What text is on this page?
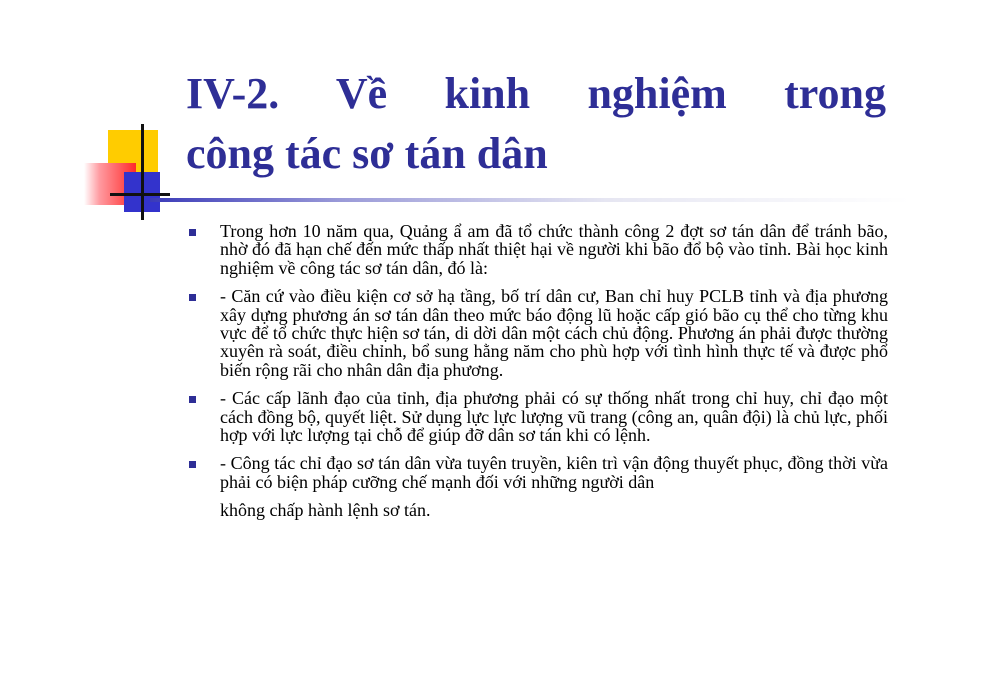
IV-2. Về kinh nghiệm trong
công tác sơ tán dân
Trong hơn 10 năm qua, Quảng ẩ am đã tổ chức thành công 2 đợt sơ tán dân để tránh bão, nhờ đó đã hạn chế đến mức thấp nhất thiệt hại về người khi bão đổ bộ vào tỉnh. Bài học kinh nghiệm về công tác sơ tán dân, đó là:
- Căn cứ vào điều kiện cơ sở hạ tầng, bố trí dân cư, Ban chỉ huy PCLB tỉnh và địa phương xây dựng phương án sơ tán dân theo mức báo động lũ hoặc cấp gió bão cụ thể cho từng khu vực để tổ chức thực hiện sơ tán, di dời dân một cách chủ động. Phương án phải được thường xuyên rà soát, điều chỉnh, bổ sung hằng năm cho phù hợp với tình hình thực tế và được phổ biến rộng rãi cho nhân dân địa phương.
- Các cấp lãnh đạo của tỉnh, địa phương phải có sự thống nhất trong chỉ huy, chỉ đạo một cách đồng bộ, quyết liệt. Sử dụng lực lực lượng vũ trang (công an, quân đội) là chủ lực, phối hợp với lực lượng tại chỗ để giúp đỡ dân sơ tán khi có lệnh.
- Công tác chỉ đạo sơ tán dân vừa tuyên truyền, kiên trì vận động thuyết phục, đồng thời vừa phải có biện pháp cưỡng chế mạnh đối với những người dân
không chấp hành lệnh sơ tán.
